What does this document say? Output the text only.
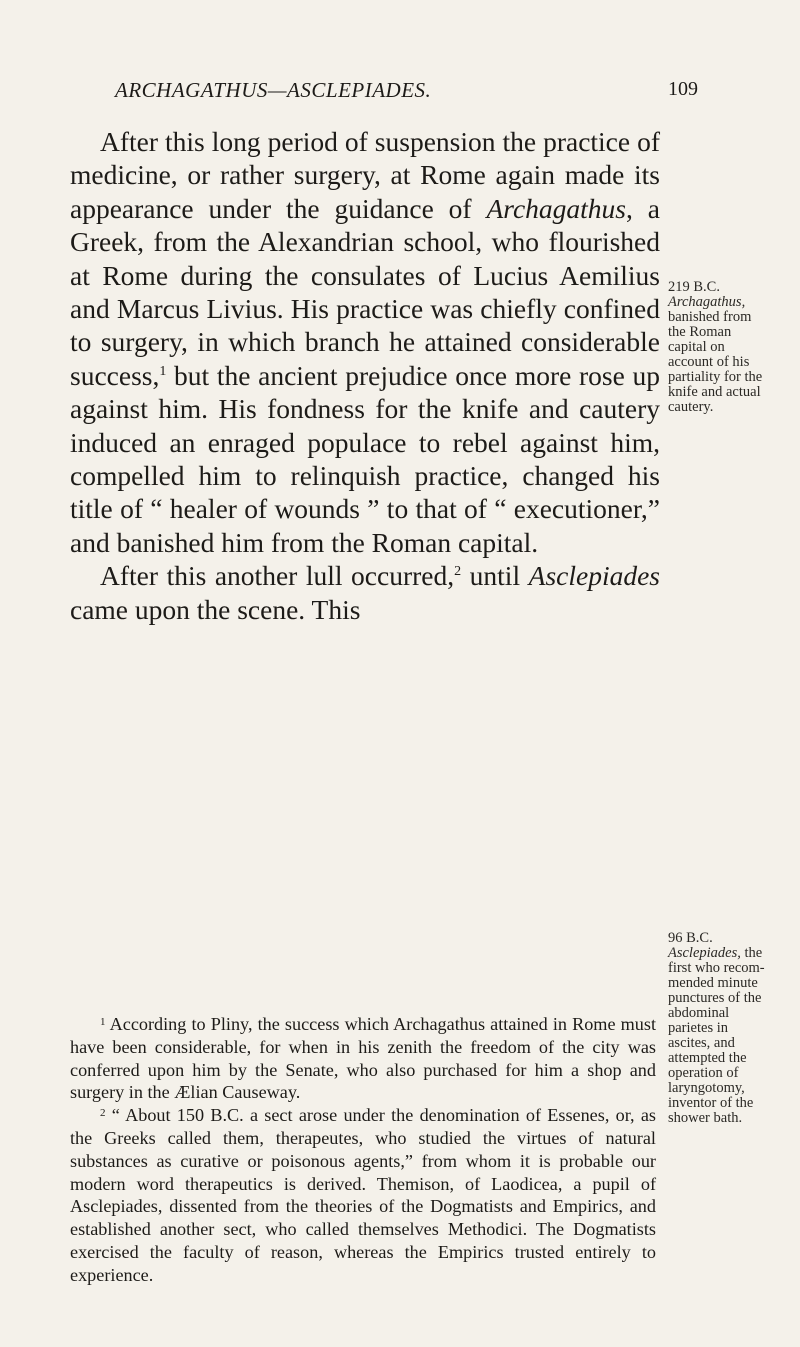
ARCHAGATHUS—ASCLEPIADES.	109

After this long period of suspension the practice of medicine, or rather surgery, at Rome again made its appearance under the guidance of Archagathus, a Greek, from the Alexandrian school, who flourished at Rome during the consulates of Lucius Aemilius and Marcus Livius. His practice was chiefly confined to surgery, in which branch he attained considerable success,$^1$ but the ancient prejudice once more rose up against him. His fondness for the knife and cautery induced an enraged populace to rebel against him, compelled him to relinquish practice, changed his title of “ healer of wounds ” to that of “ executioner,” and banished him from the Roman capital.

After this another lull occurred,$^2$ until Asclepiades came upon the scene. This

219 B.C.
Archagathus,
banished from
the Roman
capital on
account of his
partiality for the
knife and actual
cautery.
96 B.C.
Asclepiades, the
first who recom-
mended minute
punctures of the
abdominal
parietes in
ascites, and
attempted the
operation of
laryngotomy,
inventor of the
shower bath.

$^1$ According to Pliny, the success which Archagathus attained in Rome must have been considerable, for when in his zenith the freedom of the city was conferred upon him by the Senate, who also purchased for him a shop and surgery in the Ælian Causeway.

$^2$ “ About 150 B.C. a sect arose under the denomination of Essenes, or, as the Greeks called them, therapeutes, who studied the virtues of natural substances as curative or poisonous agents,” from whom it is probable our modern word therapeutics is derived. Themison, of Laodicea, a pupil of Asclepiades, dissented from the theories of the Dogmatists and Empirics, and established another sect, who called themselves Methodici. The Dogmatists exercised the faculty of reason, whereas the Empirics trusted entirely to experience.
